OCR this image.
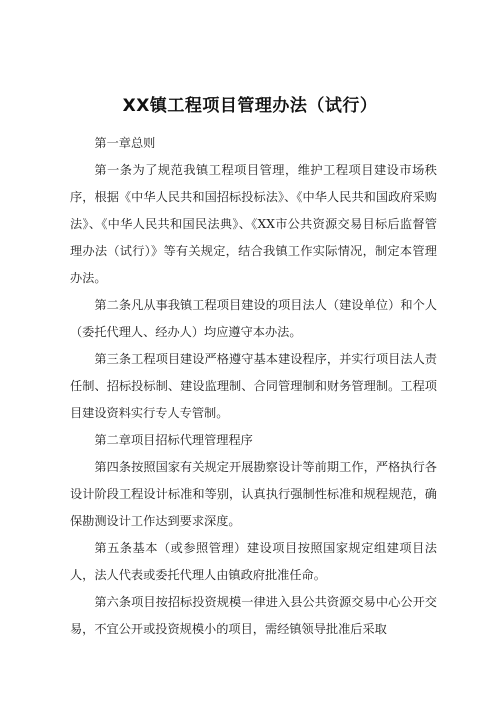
XX镇工程项目管理办法（试行）

第一章总则

第一条为了规范我镇工程项目管理，维护工程项目建设市场秩序，根据《中华人民共和国招标投标法》、《中华人民共和国政府采购法》、《中华人民共和国民法典》、《XX市公共资源交易目标后监督管理办法（试行）》等有关规定，结合我镇工作实际情况，制定本管理办法。

第二条凡从事我镇工程项目建设的项目法人（建设单位）和个人（委托代理人、经办人）均应遵守本办法。

第三条工程项目建设严格遵守基本建设程序，并实行项目法人责任制、招标投标制、建设监理制、合同管理制和财务管理制。工程项目建设资料实行专人专管制。

第二章项目招标代理管理程序

第四条按照国家有关规定开展勘察设计等前期工作，严格执行各设计阶段工程设计标准和等别，认真执行强制性标准和规程规范，确保勘测设计工作达到要求深度。

第五条基本（或参照管理）建设项目按照国家规定组建项目法人，法人代表或委托代理人由镇政府批准任命。

第六条项目按招标投资规模一律进入县公共资源交易中心公开交易，不宜公开或投资规模小的项目，需经镇领导批准后采取
